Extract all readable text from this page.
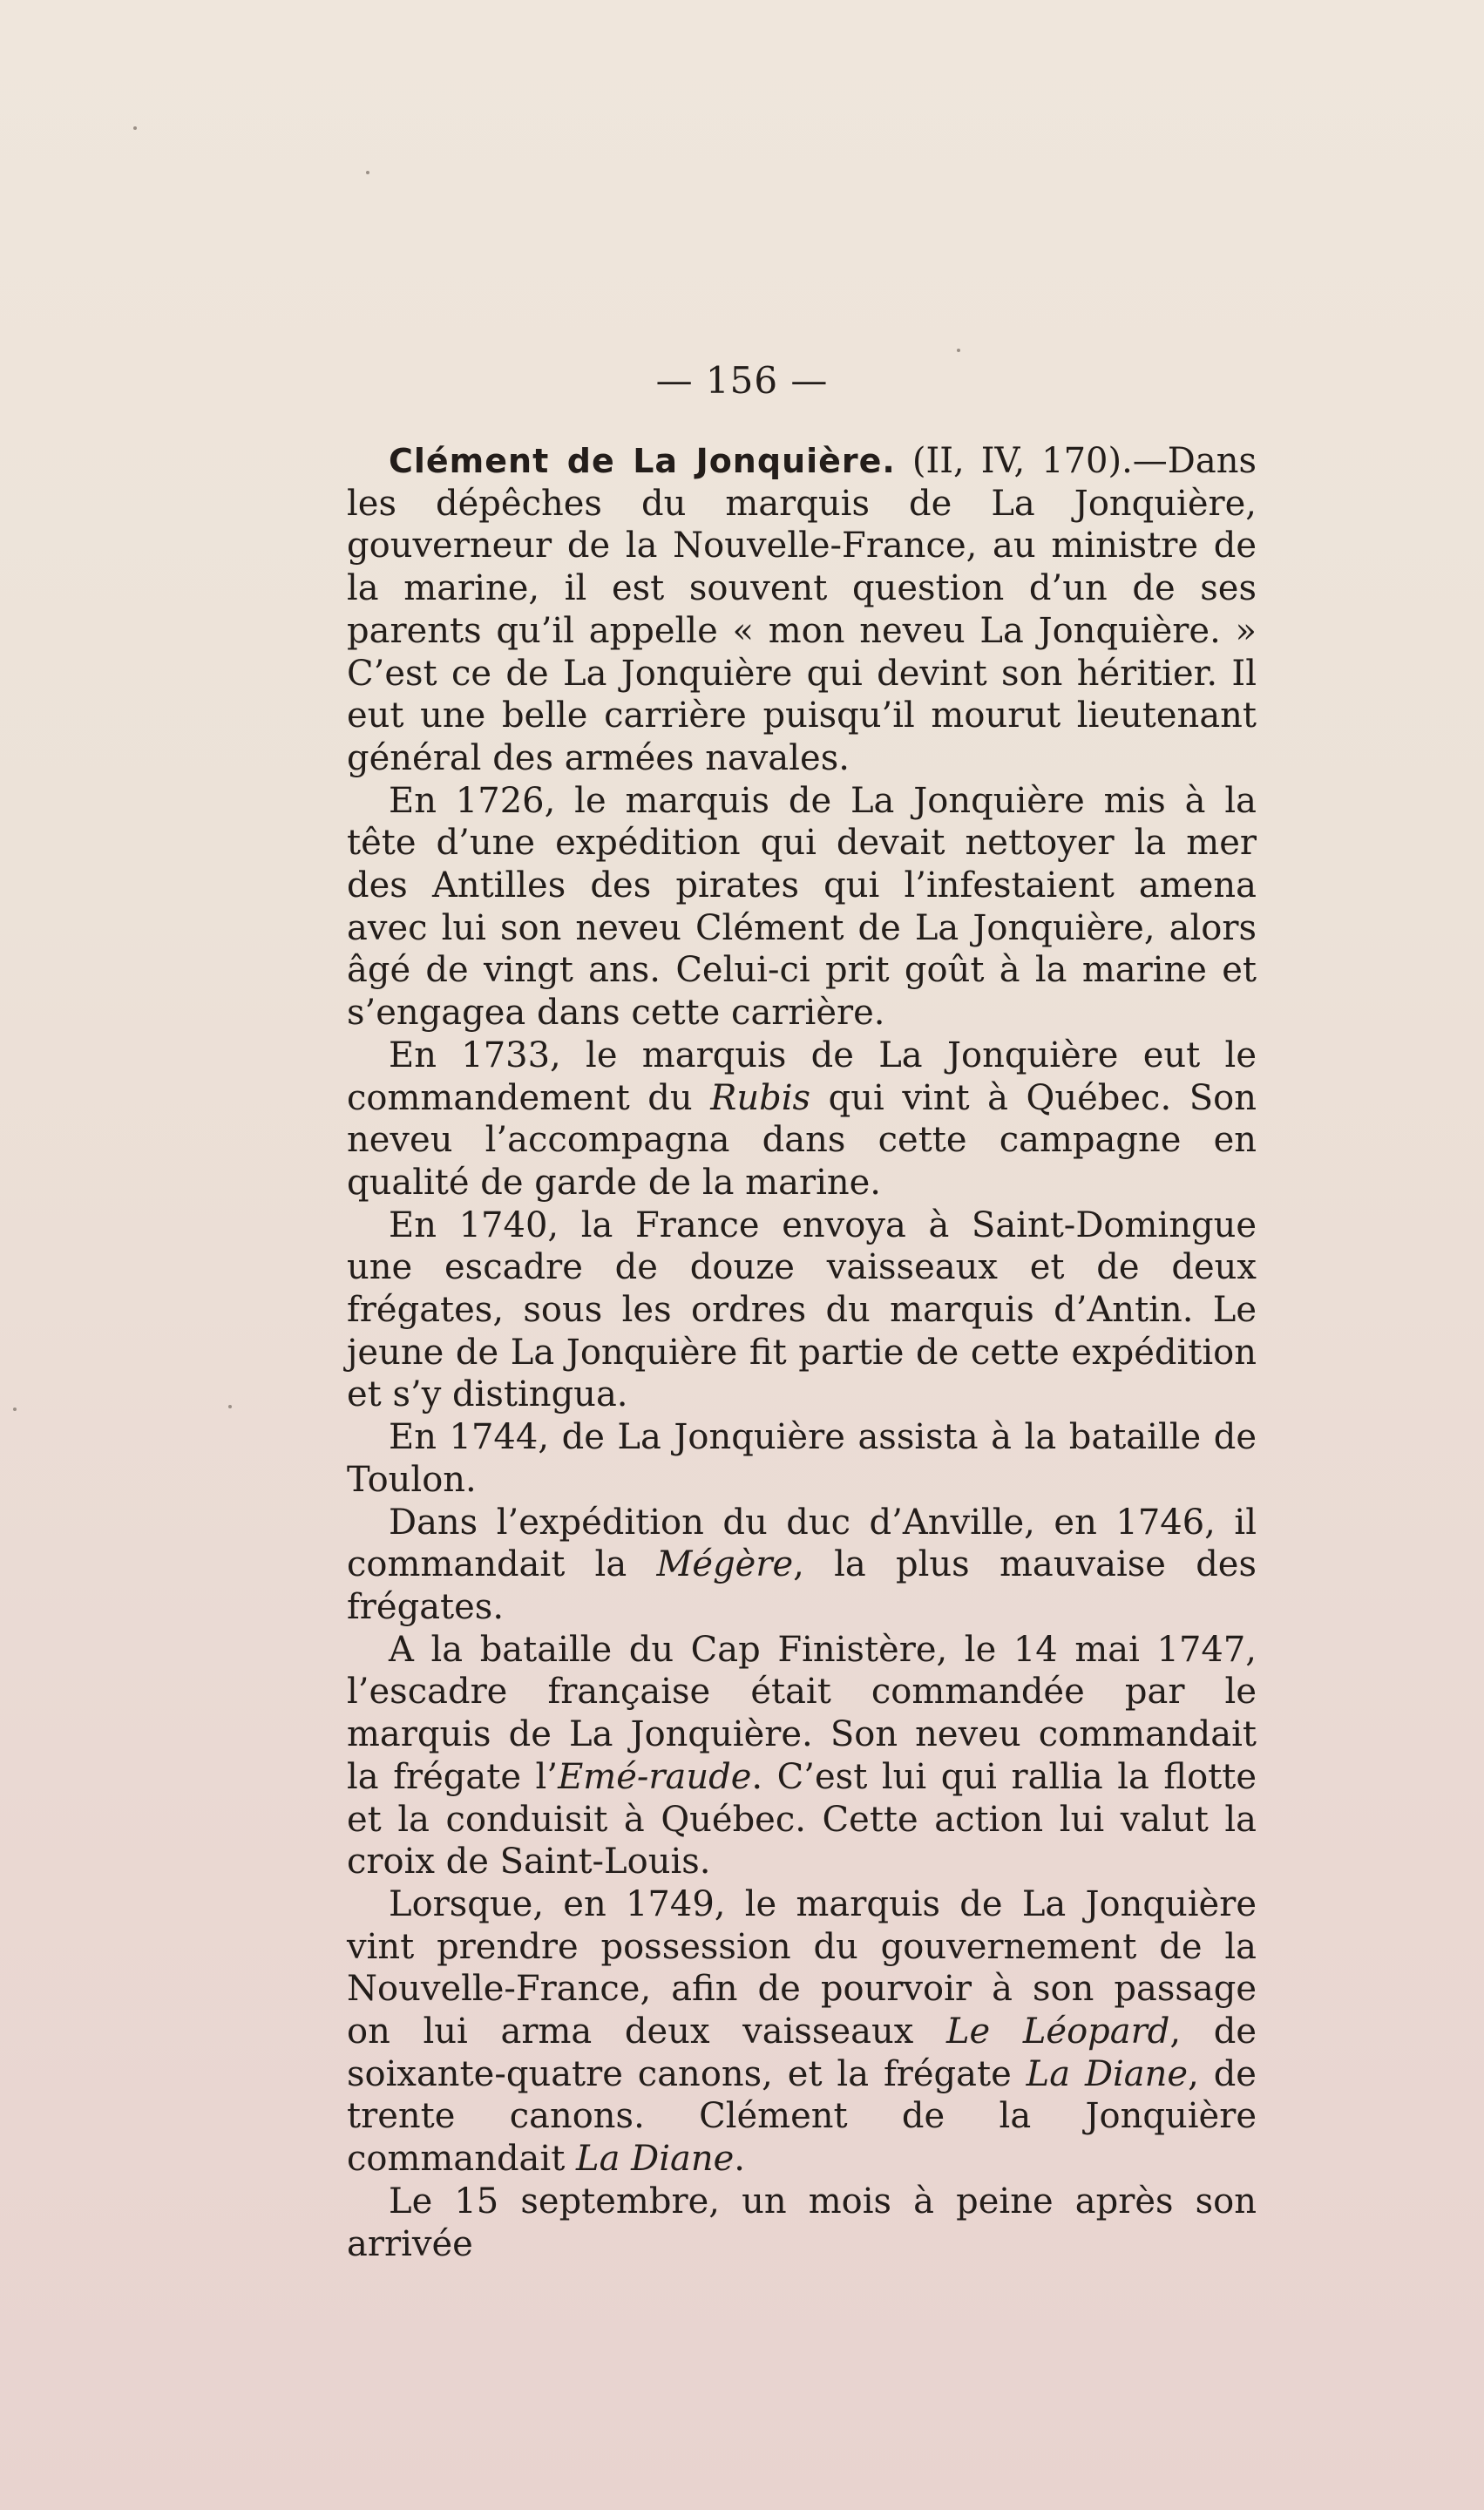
— 156 —

Clément de La Jonquière. (II, IV, 170).—Dans les dépêches du marquis de La Jonquière, gouverneur de la Nouvelle-France, au ministre de la marine, il est souvent question d’un de ses parents qu’il appelle « mon neveu La Jonquière. » C’est ce de La Jonquière qui devint son héritier. Il eut une belle carrière puisqu’il mourut lieutenant général des armées navales.

En 1726, le marquis de La Jonquière mis à la tête d’une expédition qui devait nettoyer la mer des Antilles des pirates qui l’infestaient amena avec lui son neveu Clément de La Jonquière, alors âgé de vingt ans. Celui-ci prit goût à la marine et s’engagea dans cette carrière.

En 1733, le marquis de La Jonquière eut le commandement du Rubis qui vint à Québec. Son neveu l’accompagna dans cette campagne en qualité de garde de la marine.

En 1740, la France envoya à Saint-Domingue une escadre de douze vaisseaux et de deux frégates, sous les ordres du marquis d’Antin. Le jeune de La Jonquière fit partie de cette expédition et s’y distingua.

En 1744, de La Jonquière assista à la bataille de Toulon.

Dans l’expédition du duc d’Anville, en 1746, il commandait la Mégère, la plus mauvaise des frégates.

A la bataille du Cap Finistère, le 14 mai 1747, l’escadre française était commandée par le marquis de La Jonquière. Son neveu commandait la frégate l’Emé-raude. C’est lui qui rallia la flotte et la conduisit à Québec. Cette action lui valut la croix de Saint-Louis.

Lorsque, en 1749, le marquis de La Jonquière vint prendre possession du gouvernement de la Nouvelle-France, afin de pourvoir à son passage on lui arma deux vaisseaux Le Léopard, de soixante-quatre canons, et la frégate La Diane, de trente canons. Clément de la Jonquière commandait La Diane.

Le 15 septembre, un mois à peine après son arrivée
